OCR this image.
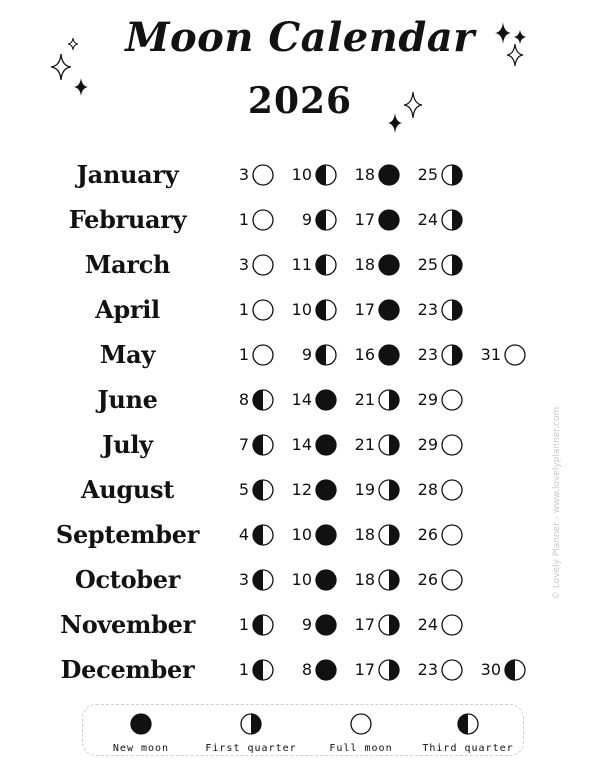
Moon Calendar
2026
January	3	10	18	25
February	1	9	17	24
March	3	11	18	25
April	1	10	17	23
May	1	9	16	23	31
June	8	14	21	29
July	7	14	21	29
August	5	12	19	28
September	4	10	18	26
October	3	10	18	26
November	1	9	17	24
December	1	8	17	23	30
New moon	First quarter	Full moon	Third quarter
© Lovely Planner - www.lovelyplanner.com
